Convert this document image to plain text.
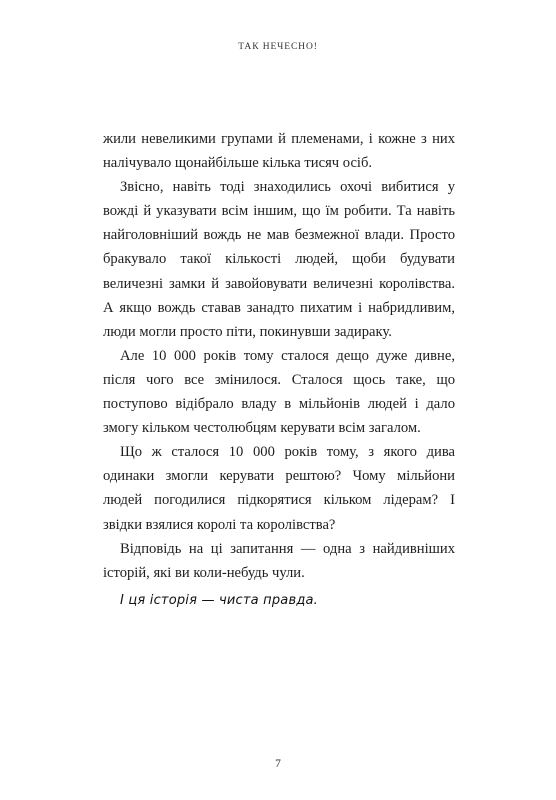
ТАК НЕЧЕСНО!

жили невеликими групами й племенами, і кожне з них налічувало щонайбільше кілька тисяч осіб.

Звісно, навіть тоді знаходились охочі вибитися у вожді й указувати всім іншим, що їм робити. Та навіть найголовніший вождь не мав безмежної влади. Просто бракувало такої кількості людей, щоби будувати величезні замки й завойовувати величезні королівства. А якщо вождь ставав занадто пихатим і набридливим, люди могли просто піти, покинувши задираку.

Але 10 000 років тому сталося дещо дуже дивне, після чого все змінилося. Сталося щось таке, що поступово відібрало владу в мільйонів людей і дало змогу кільком честолюбцям керувати всім загалом.

Що ж сталося 10 000 років тому, з якого дива одинаки змогли керувати рештою? Чому мільйони людей погодилися підкорятися кільком лідерам? І звідки взялися королі та королівства?

Відповідь на ці запитання — одна з найдивніших історій, які ви коли-небудь чули.

І ця історія — чиста правда.
7
